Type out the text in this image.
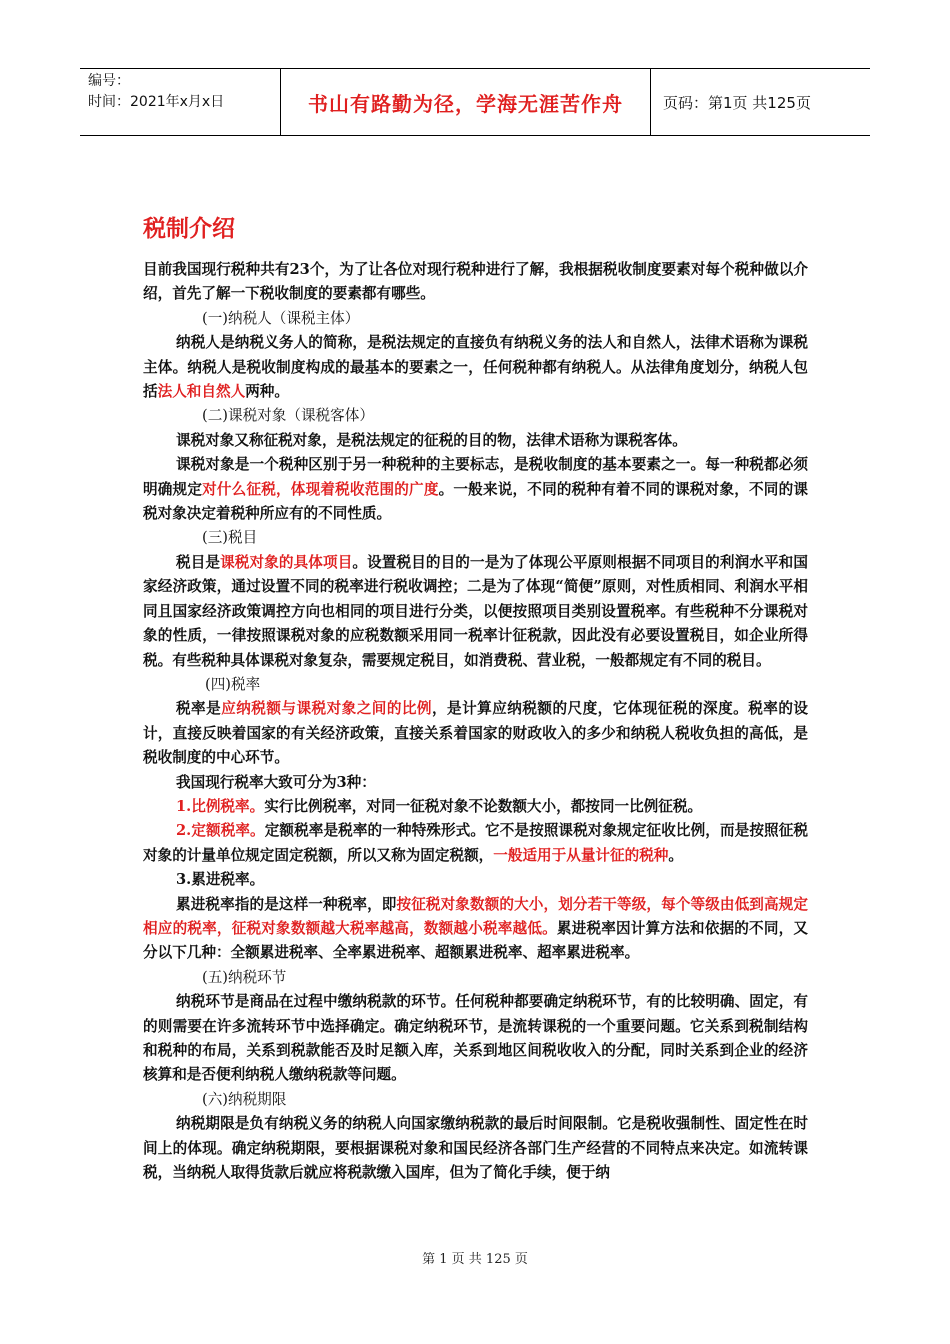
编号：
时间：2021年x月x日	书山有路勤为径，学海无涯苦作舟	页码：第1页 共125页
税制介绍

目前我国现行税种共有23个，为了让各位对现行税种进行了解，我根据税收制度要素对每个税种做以介绍，首先了解一下税收制度的要素都有哪些。

(一)纳税人（课税主体）

纳税人是纳税义务人的简称，是税法规定的直接负有纳税义务的法人和自然人，法律术语称为课税主体。纳税人是税收制度构成的最基本的要素之一，任何税种都有纳税人。从法律角度划分，纳税人包括法人和自然人两种。

(二)课税对象（课税客体）

课税对象又称征税对象，是税法规定的征税的目的物，法律术语称为课税客体。

课税对象是一个税种区别于另一种税种的主要标志，是税收制度的基本要素之一。每一种税都必须明确规定对什么征税，体现着税收范围的广度。一般来说，不同的税种有着不同的课税对象，不同的课税对象决定着税种所应有的不同性质。

(三)税目

税目是课税对象的具体项目。设置税目的目的一是为了体现公平原则根据不同项目的利润水平和国家经济政策，通过设置不同的税率进行税收调控；二是为了体现“简便”原则，对性质相同、利润水平相同且国家经济政策调控方向也相同的项目进行分类，以便按照项目类别设置税率。有些税种不分课税对象的性质，一律按照课税对象的应税数额采用同一税率计征税款，因此没有必要设置税目，如企业所得税。有些税种具体课税对象复杂，需要规定税目，如消费税、营业税，一般都规定有不同的税目。

(四)税率

税率是应纳税额与课税对象之间的比例，是计算应纳税额的尺度，它体现征税的深度。税率的设计，直接反映着国家的有关经济政策，直接关系着国家的财政收入的多少和纳税人税收负担的高低，是税收制度的中心环节。

我国现行税率大致可分为3种：

1.比例税率。实行比例税率，对同一征税对象不论数额大小，都按同一比例征税。

2.定额税率。定额税率是税率的一种特殊形式。它不是按照课税对象规定征收比例，而是按照征税对象的计量单位规定固定税额，所以又称为固定税额，一般适用于从量计征的税种。

3.累进税率。

累进税率指的是这样一种税率，即按征税对象数额的大小，划分若干等级，每个等级由低到高规定相应的税率，征税对象数额越大税率越高，数额越小税率越低。累进税率因计算方法和依据的不同，又分以下几种：全额累进税率、全率累进税率、超额累进税率、超率累进税率。

(五)纳税环节

纳税环节是商品在过程中缴纳税款的环节。任何税种都要确定纳税环节，有的比较明确、固定，有的则需要在许多流转环节中选择确定。确定纳税环节，是流转课税的一个重要问题。它关系到税制结构和税种的布局，关系到税款能否及时足额入库，关系到地区间税收收入的分配，同时关系到企业的经济核算和是否便利纳税人缴纳税款等问题。

(六)纳税期限

纳税期限是负有纳税义务的纳税人向国家缴纳税款的最后时间限制。它是税收强制性、固定性在时间上的体现。确定纳税期限，要根据课税对象和国民经济各部门生产经营的不同特点来决定。如流转课税，当纳税人取得货款后就应将税款缴入国库，但为了简化手续，便于纳

第 1 页 共 125 页
